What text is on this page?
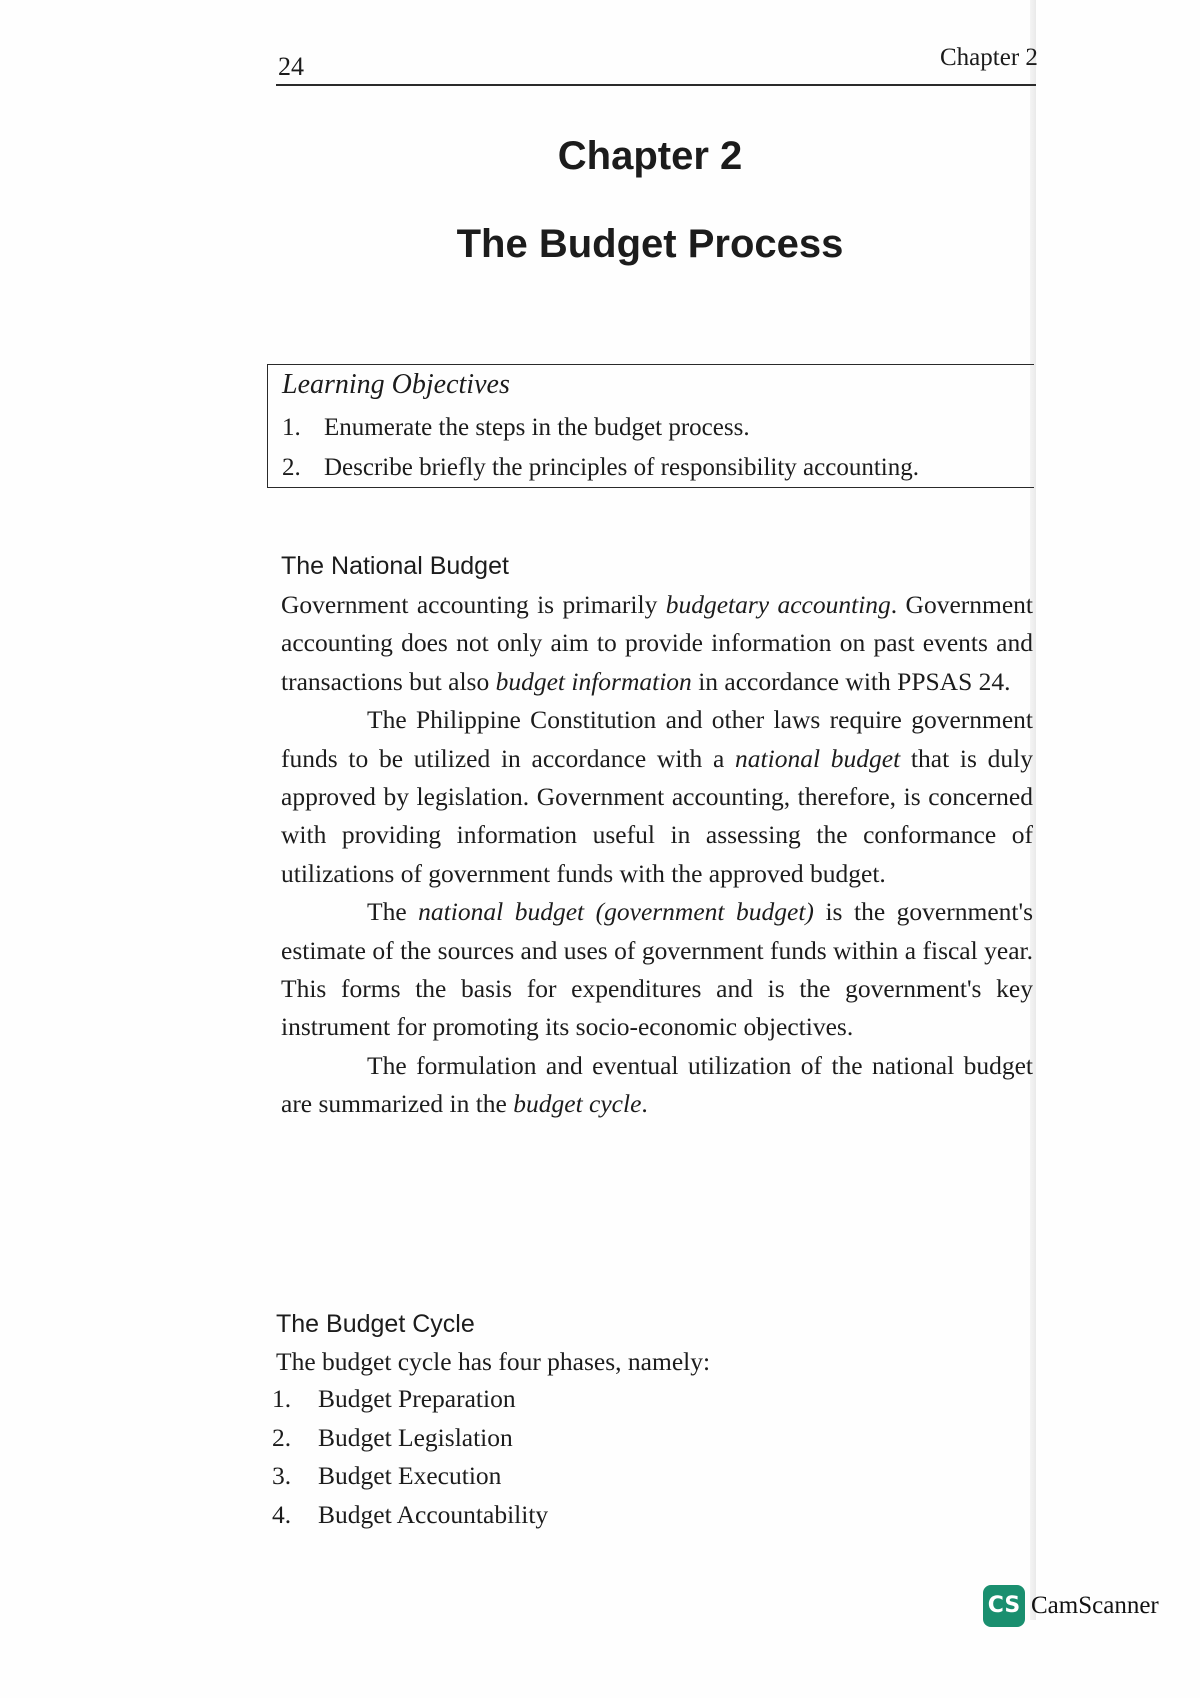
24	Chapter 2
Chapter 2
The Budget Process
Learning Objectives
1. Enumerate the steps in the budget process.
2. Describe briefly the principles of responsibility accounting.
The National Budget

Government accounting is primarily budgetary accounting. Government accounting does not only aim to provide information on past events and transactions but also budget information in accordance with PPSAS 24.

The Philippine Constitution and other laws require government funds to be utilized in accordance with a national budget that is duly approved by legislation. Government accounting, therefore, is concerned with providing information useful in assessing the conformance of utilizations of government funds with the approved budget.

The national budget (government budget) is the government's estimate of the sources and uses of government funds within a fiscal year. This forms the basis for expenditures and is the government's key instrument for promoting its socio-economic objectives.

The formulation and eventual utilization of the national budget are summarized in the budget cycle.

The Budget Cycle
The budget cycle has four phases, namely:
1. Budget Preparation
2. Budget Legislation
3. Budget Execution
4. Budget Accountability
CS CamScanner
